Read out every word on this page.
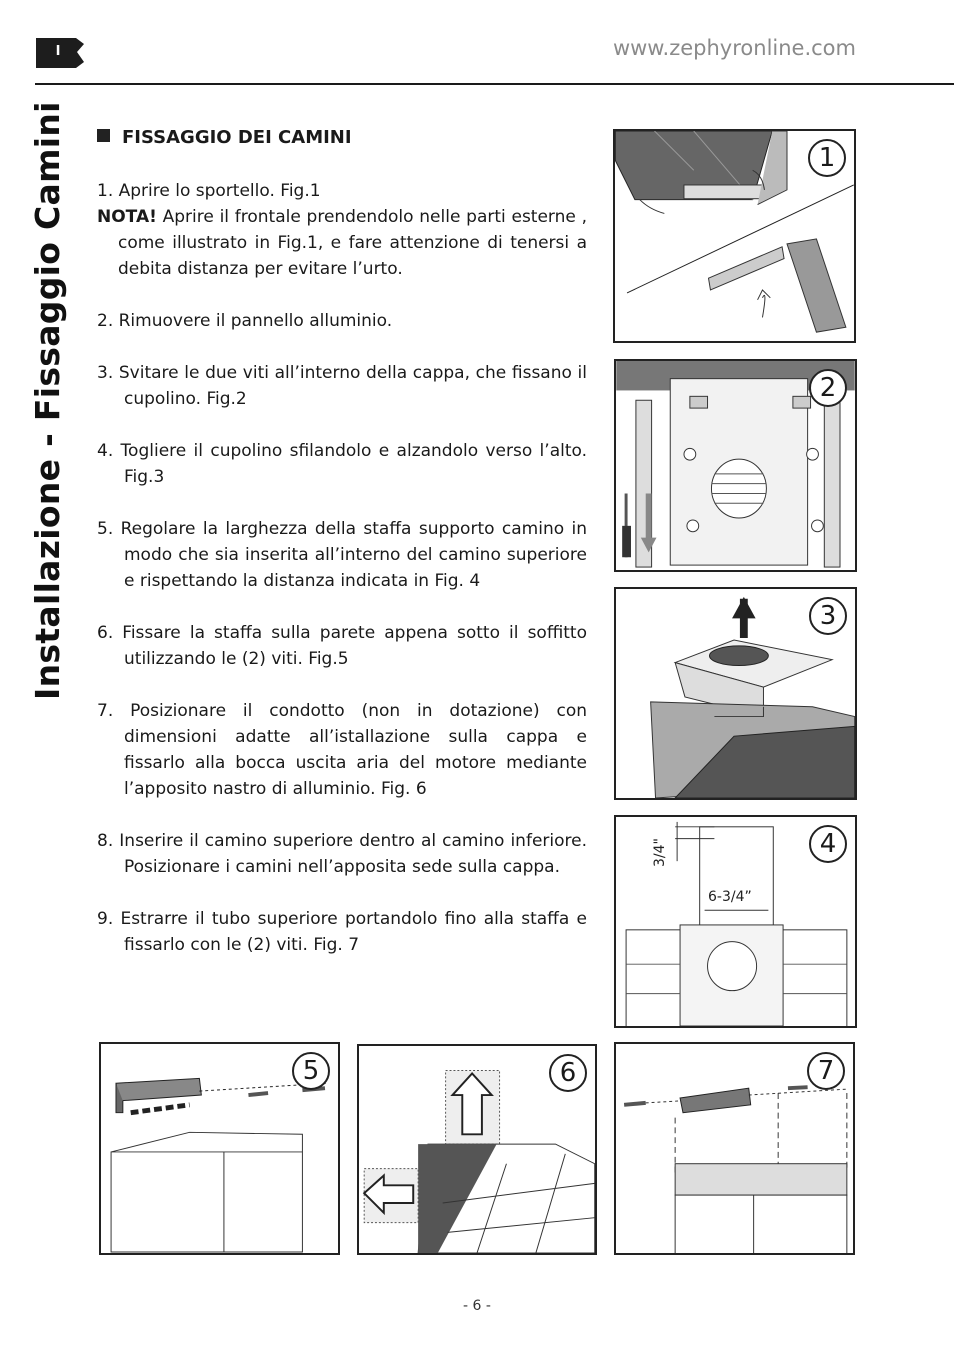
I	www.zephyronline.com
Installazione - Fissaggio Camini	FISSAGGIO DEI CAMINI

1. Aprire lo sportello. Fig.1

NOTA! Aprire il frontale prendendolo nelle parti esterne , come illustrato in Fig.1, e fare attenzione di tenersi a debita distanza per evitare l’urto.

2. Rimuovere il pannello alluminio.

3. Svitare le due viti all’interno della cappa, che fissano il cupolino. Fig.2

4. Togliere il cupolino sfilandolo e alzandolo verso l’alto. Fig.3

5. Regolare la larghezza della staffa supporto camino in modo che sia inserita all’interno del camino superiore e rispettando la distanza indicata in Fig. 4

6. Fissare la staffa sulla parete appena sotto il soffitto utilizzando le (2) viti. Fig.5

7. Posizionare il condotto (non in dotazione) con dimensioni adatte all’istallazione sulla cappa e fissarlo alla bocca uscita aria del motore mediante l’apposito nastro di alluminio. Fig. 6

8. Inserire il camino superiore dentro al camino inferiore. Posizionare i camini nell’apposita sede sulla cappa.

9. Estrarre il tubo superiore portandolo fino alla staffa e fissarlo con le (2) viti. Fig. 7

1
2
3
3/4"
6-3/4”
4
5	6	7
- 6 -
